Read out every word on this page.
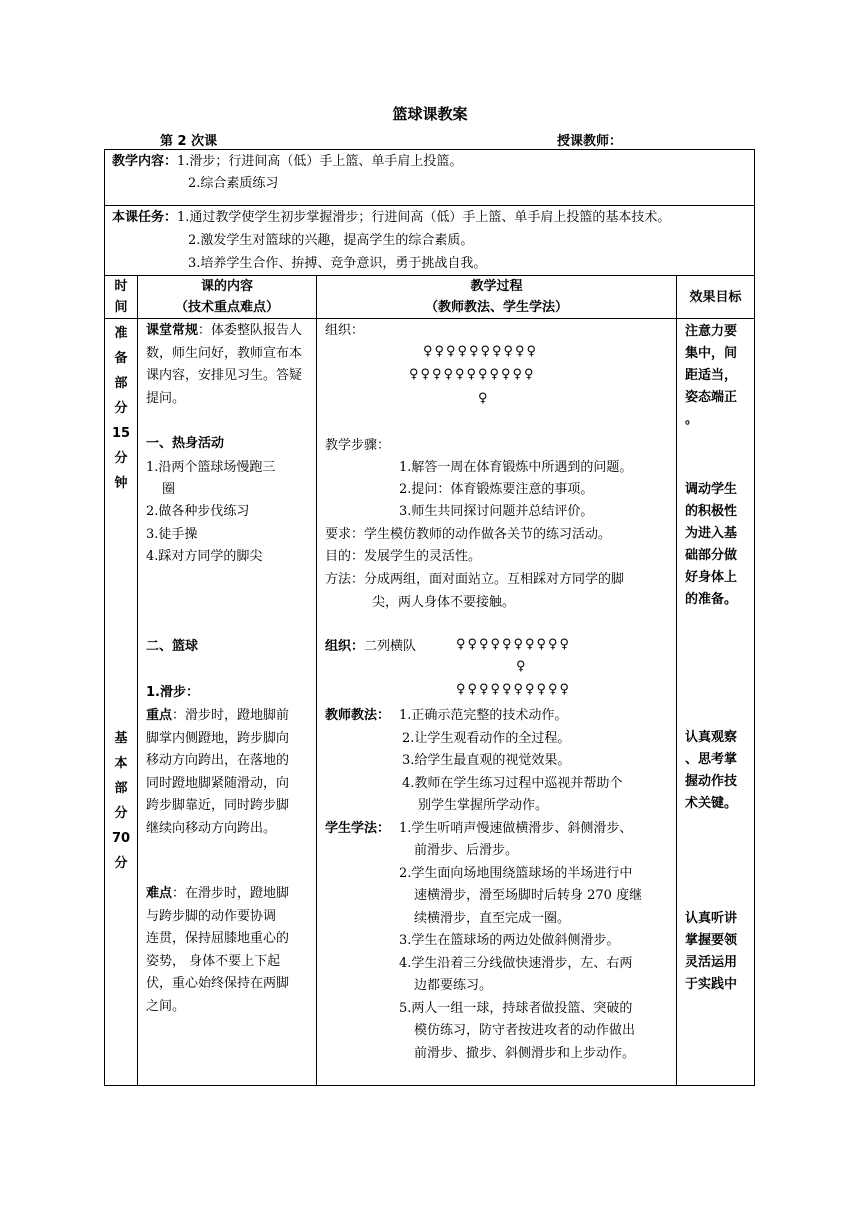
篮球课教案
第 2 次课	授课教师：
教学内容：1.滑步；行进间高（低）手上篮、单手肩上投篮。
2.综合素质练习
本课任务：1.通过教学使学生初步掌握滑步；行进间高（低）手上篮、单手肩上投篮的基本技术。
2.激发学生对篮球的兴趣，提高学生的综合素质。
3.培养学生合作、拚搏、竞争意识，勇于挑战自我。
时
间
课的内容
（技术重点难点）
教学过程
（教师教法、学生学法）
效果目标
准
备
部
分
15
分
钟
课堂常规：体委整队报告人数，师生问好，教师宣布本课内容，安排见习生。答疑提问。
一、热身活动
1.沿两个篮球场慢跑三
圈
2.做各种步伐练习
3.徒手操
4.踩对方同学的脚尖
组织：
♀♀♀♀♀♀♀♀♀♀
♀♀♀♀♀♀♀♀♀♀♀
♀
教学步骤：
1.解答一周在体育锻炼中所遇到的问题。
2.提问：体育锻炼要注意的事项。
3.师生共同探讨问题并总结评价。
要求：学生模仿教师的动作做各关节的练习活动。
目的：发展学生的灵活性。
方法：分成两组，面对面站立。互相踩对方同学的脚
尖，两人身体不要接触。
注意力要
集中，间
距适当，
姿态端正
。
调动学生
的积极性
为进入基
础部分做
好身体上
的准备。
基
本
部
分
70
分
二、篮球
1.滑步：
重点：滑步时，蹬地脚前
脚掌内侧蹬地，跨步脚向
移动方向跨出，在落地的
同时蹬地脚紧随滑动，向
跨步脚靠近，同时跨步脚
继续向移动方向跨出。
难点：在滑步时，蹬地脚
与跨步脚的动作要协调
连贯，保持屈膝地重心的
姿势， 身体不要上下起
伏，重心始终保持在两脚
之间。
组织：二列横队	♀♀♀♀♀♀♀♀♀♀
♀
♀♀♀♀♀♀♀♀♀♀
教师教法： 1.正确示范完整的技术动作。
2.让学生观看动作的全过程。
3.给学生最直观的视觉效果。
4.教师在学生练习过程中巡视并帮助个
别学生掌握所学动作。
学生学法： 1.学生听哨声慢速做横滑步、斜侧滑步、
前滑步、后滑步。
2.学生面向场地围绕篮球场的半场进行中
速横滑步，滑至场脚时后转身 270 度继
续横滑步，直至完成一圈。
3.学生在篮球场的两边处做斜侧滑步。
4.学生沿着三分线做快速滑步，左、右两
边都要练习。
5.两人一组一球，持球者做投篮、突破的
模仿练习，防守者按进攻者的动作做出
前滑步、撤步、斜侧滑步和上步动作。
认真观察
、思考掌
握动作技
术关键。
认真听讲
掌握要领
灵活运用
于实践中
